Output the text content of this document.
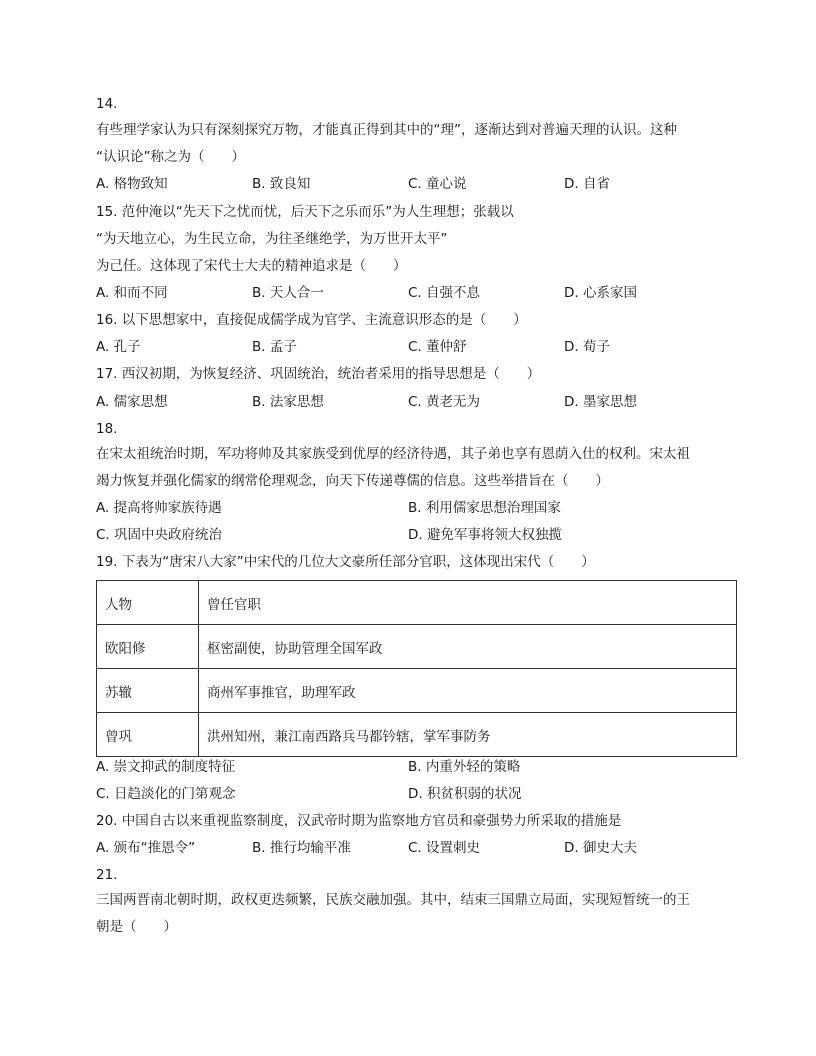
14.
有些理学家认为只有深刻探究万物，才能真正得到其中的“理”，逐渐达到对普遍天理的认识。这种
“认识论”称之为（　　）
A. 格物致知	B. 致良知	C. 童心说	D. 自省
15. 范仲淹以“先天下之忧而忧，后天下之乐而乐”为人生理想；张载以
“为天地立心，为生民立命，为往圣继绝学，为万世开太平”
为己任。这体现了宋代士大夫的精神追求是（　　）
A. 和而不同	B. 天人合一	C. 自强不息	D. 心系家国
16. 以下思想家中，直接促成儒学成为官学、主流意识形态的是（　　）
A. 孔子	B. 孟子	C. 董仲舒	D. 荀子
17. 西汉初期，为恢复经济、巩固统治，统治者采用的指导思想是（　　）
A. 儒家思想	B. 法家思想	C. 黄老无为	D. 墨家思想
18.
在宋太祖统治时期，军功将帅及其家族受到优厚的经济待遇，其子弟也享有恩荫入仕的权利。宋太祖
竭力恢复并强化儒家的纲常伦理观念，向天下传递尊儒的信息。这些举措旨在（　　）
A. 提高将帅家族待遇	B. 利用儒家思想治理国家
C. 巩固中央政府统治	D. 避免军事将领大权独揽
19. 下表为“唐宋八大家”中宋代的几位大文豪所任部分官职，这体现出宋代（　　）
人物	曾任官职
欧阳修	枢密副使，协助管理全国军政
苏辙	商州军事推官，助理军政
曾巩	洪州知州，兼江南西路兵马都钤辖，掌军事防务
A. 崇文抑武的制度特征	B. 内重外轻的策略
C. 日趋淡化的门第观念	D. 积贫积弱的状况
20. 中国自古以来重视监察制度，汉武帝时期为监察地方官员和豪强势力所采取的措施是
A. 颁布“推恩令”	B. 推行均输平准	C. 设置刺史	D. 御史大夫
21.
三国两晋南北朝时期，政权更迭频繁，民族交融加强。其中，结束三国鼎立局面，实现短暂统一的王
朝是（　　）
